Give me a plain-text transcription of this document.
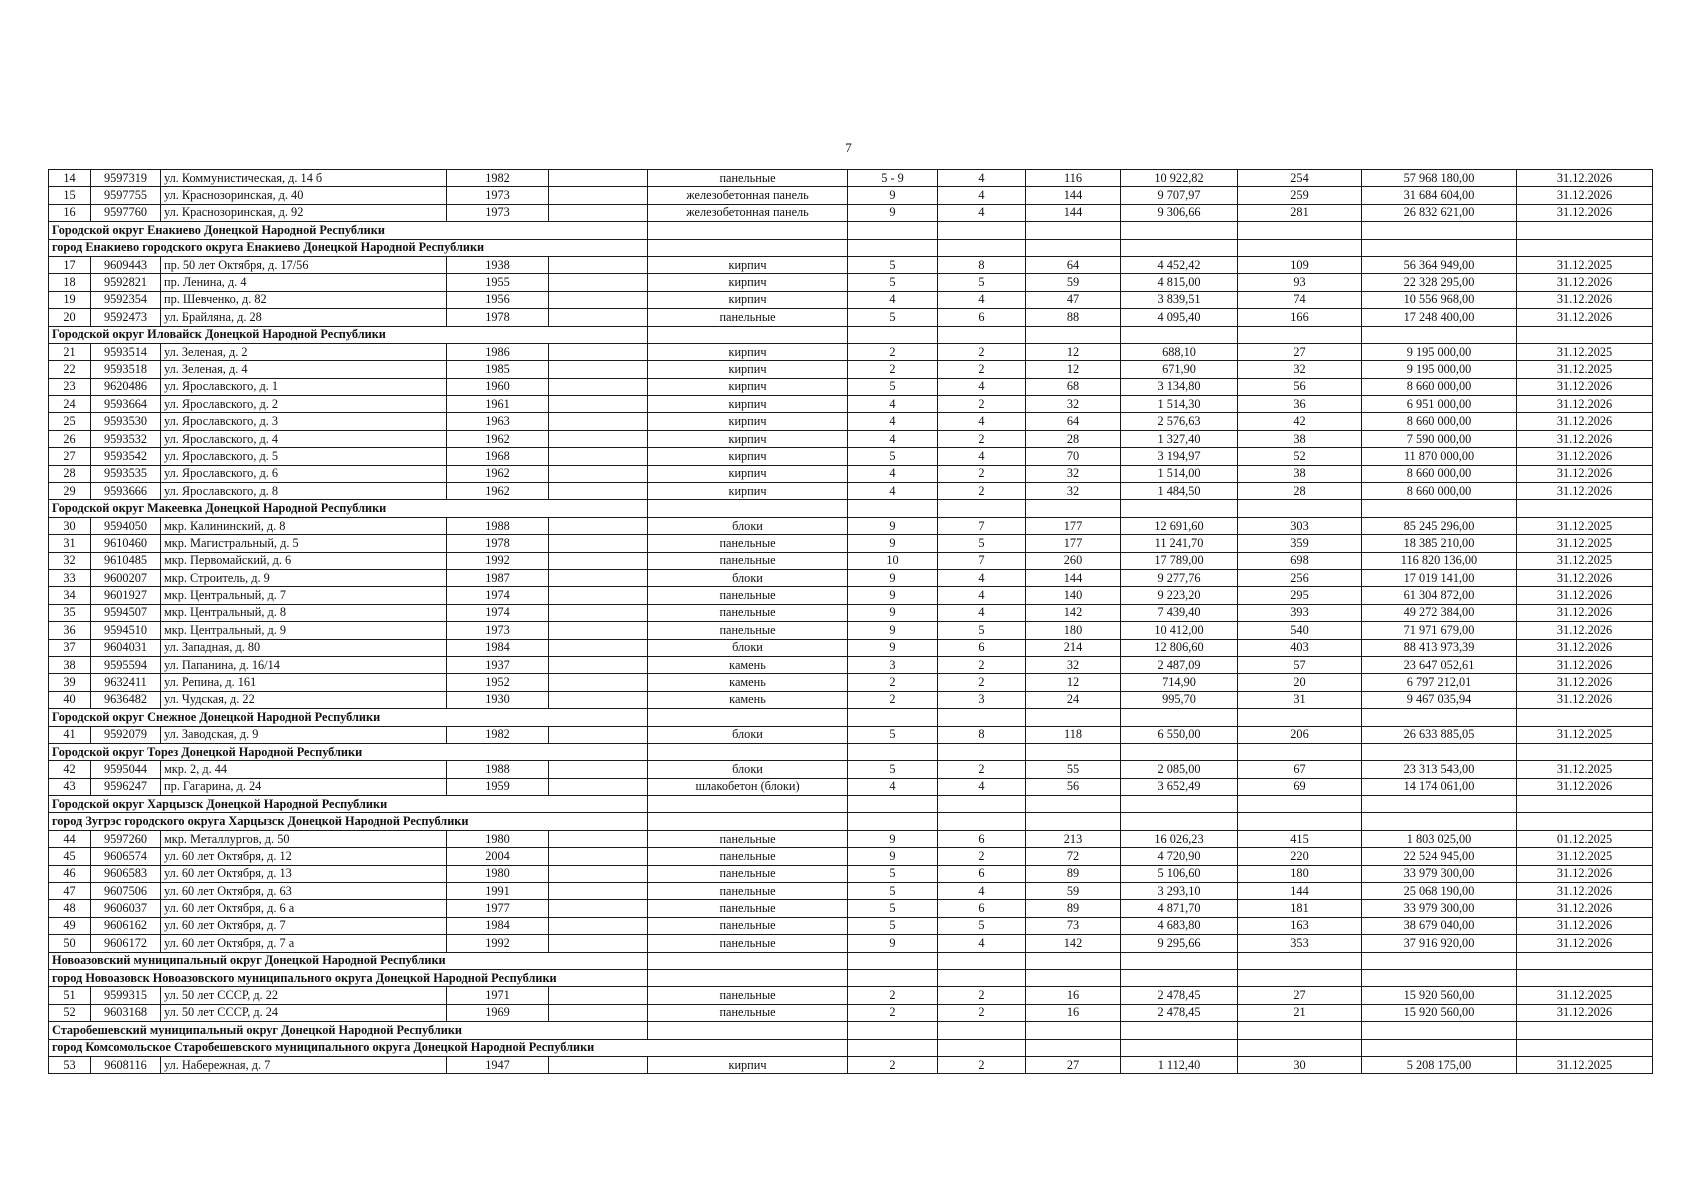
7
14	9597319	ул. Коммунистическая, д. 14 б	1982		панельные	5 - 9	4	116	10 922,82	254	57 968 180,00	31.12.2026
15	9597755	ул. Краснозоринская, д. 40	1973		железобетонная панель	9	4	144	9 707,97	259	31 684 604,00	31.12.2026
16	9597760	ул. Краснозоринская, д. 92	1973		железобетонная панель	9	4	144	9 306,66	281	26 832 621,00	31.12.2026
Городской округ Енакиево Донецкой Народной Республики												
город Енакиево городского округа Енакиево Донецкой Народной Республики												
17	9609443	пр. 50 лет Октября, д. 17/56	1938		кирпич	5	8	64	4 452,42	109	56 364 949,00	31.12.2025
18	9592821	пр. Ленина, д. 4	1955		кирпич	5	5	59	4 815,00	93	22 328 295,00	31.12.2026
19	9592354	пр. Шевченко, д. 82	1956		кирпич	4	4	47	3 839,51	74	10 556 968,00	31.12.2026
20	9592473	ул. Брайляна, д. 28	1978		панельные	5	6	88	4 095,40	166	17 248 400,00	31.12.2026
Городской округ Иловайск Донецкой Народной Республики												
21	9593514	ул. Зеленая, д. 2	1986		кирпич	2	2	12	688,10	27	9 195 000,00	31.12.2025
22	9593518	ул. Зеленая, д. 4	1985		кирпич	2	2	12	671,90	32	9 195 000,00	31.12.2025
23	9620486	ул. Ярославского, д. 1	1960		кирпич	5	4	68	3 134,80	56	8 660 000,00	31.12.2026
24	9593664	ул. Ярославского, д. 2	1961		кирпич	4	2	32	1 514,30	36	6 951 000,00	31.12.2026
25	9593530	ул. Ярославского, д. 3	1963		кирпич	4	4	64	2 576,63	42	8 660 000,00	31.12.2026
26	9593532	ул. Ярославского, д. 4	1962		кирпич	4	2	28	1 327,40	38	7 590 000,00	31.12.2026
27	9593542	ул. Ярославского, д. 5	1968		кирпич	5	4	70	3 194,97	52	11 870 000,00	31.12.2026
28	9593535	ул. Ярославского, д. 6	1962		кирпич	4	2	32	1 514,00	38	8 660 000,00	31.12.2026
29	9593666	ул. Ярославского, д. 8	1962		кирпич	4	2	32	1 484,50	28	8 660 000,00	31.12.2026
Городской округ Макеевка Донецкой Народной Республики												
30	9594050	мкр. Калининский, д. 8	1988		блоки	9	7	177	12 691,60	303	85 245 296,00	31.12.2025
31	9610460	мкр. Магистральный, д. 5	1978		панельные	9	5	177	11 241,70	359	18 385 210,00	31.12.2025
32	9610485	мкр. Первомайский, д. 6	1992		панельные	10	7	260	17 789,00	698	116 820 136,00	31.12.2025
33	9600207	мкр. Строитель, д. 9	1987		блоки	9	4	144	9 277,76	256	17 019 141,00	31.12.2026
34	9601927	мкр. Центральный, д. 7	1974		панельные	9	4	140	9 223,20	295	61 304 872,00	31.12.2026
35	9594507	мкр. Центральный, д. 8	1974		панельные	9	4	142	7 439,40	393	49 272 384,00	31.12.2026
36	9594510	мкр. Центральный, д. 9	1973		панельные	9	5	180	10 412,00	540	71 971 679,00	31.12.2026
37	9604031	ул. Западная, д. 80	1984		блоки	9	6	214	12 806,60	403	88 413 973,39	31.12.2026
38	9595594	ул. Папанина, д. 16/14	1937		камень	3	2	32	2 487,09	57	23 647 052,61	31.12.2026
39	9632411	ул. Репина, д. 161	1952		камень	2	2	12	714,90	20	6 797 212,01	31.12.2026
40	9636482	ул. Чудская, д. 22	1930		камень	2	3	24	995,70	31	9 467 035,94	31.12.2026
Городской округ Снежное Донецкой Народной Республики												
41	9592079	ул. Заводская, д. 9	1982		блоки	5	8	118	6 550,00	206	26 633 885,05	31.12.2025
Городской округ Торез Донецкой Народной Республики												
42	9595044	мкр. 2, д. 44	1988		блоки	5	2	55	2 085,00	67	23 313 543,00	31.12.2025
43	9596247	пр. Гагарина, д. 24	1959		шлакобетон (блоки)	4	4	56	3 652,49	69	14 174 061,00	31.12.2026
Городской округ Харцызск Донецкой Народной Республики												
город Зугрэс городского округа Харцызск Донецкой Народной Республики												
44	9597260	мкр. Металлургов, д. 50	1980		панельные	9	6	213	16 026,23	415	1 803 025,00	01.12.2025
45	9606574	ул. 60 лет Октября, д. 12	2004		панельные	9	2	72	4 720,90	220	22 524 945,00	31.12.2025
46	9606583	ул. 60 лет Октября, д. 13	1980		панельные	5	6	89	5 106,60	180	33 979 300,00	31.12.2026
47	9607506	ул. 60 лет Октября, д. 63	1991		панельные	5	4	59	3 293,10	144	25 068 190,00	31.12.2026
48	9606037	ул. 60 лет Октября, д. 6 а	1977		панельные	5	6	89	4 871,70	181	33 979 300,00	31.12.2026
49	9606162	ул. 60 лет Октября, д. 7	1984		панельные	5	5	73	4 683,80	163	38 679 040,00	31.12.2026
50	9606172	ул. 60 лет Октября, д. 7 а	1992		панельные	9	4	142	9 295,66	353	37 916 920,00	31.12.2026
Новоазовский муниципальный округ Донецкой Народной Республики												
город Новоазовск Новоазовского муниципального округа Донецкой Народной Республики												
51	9599315	ул. 50 лет СССР, д. 22	1971		панельные	2	2	16	2 478,45	27	15 920 560,00	31.12.2025
52	9603168	ул. 50 лет СССР, д. 24	1969		панельные	2	2	16	2 478,45	21	15 920 560,00	31.12.2026
Старобешевский муниципальный округ Донецкой Народной Республики												
город Комсомольское Старобешевского муниципального округа Донецкой Народной Республики												
53	9608116	ул. Набережная, д. 7	1947		кирпич	2	2	27	1 112,40	30	5 208 175,00	31.12.2025
